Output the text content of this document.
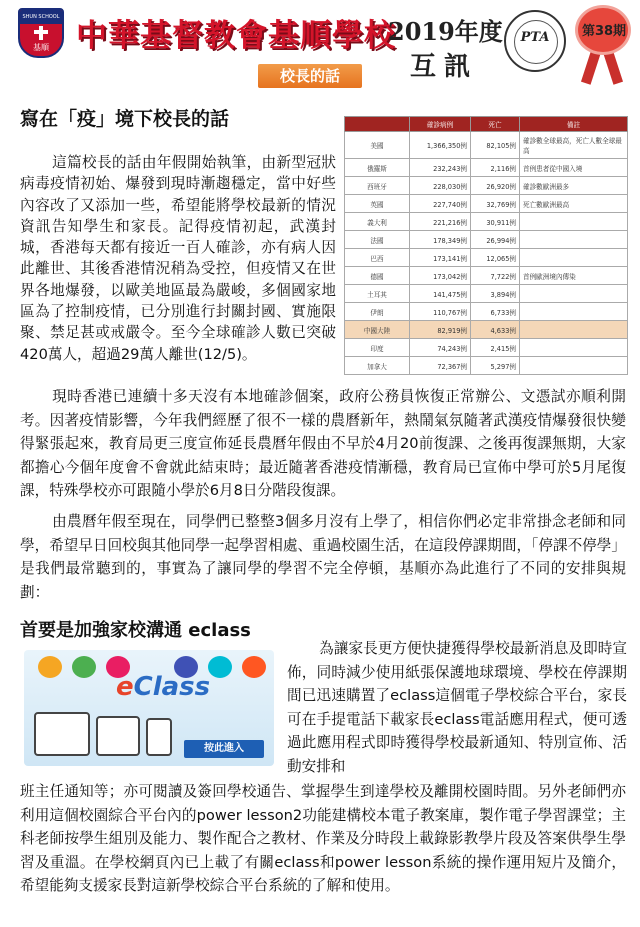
SHUN SCHOOL
基順 中華基督教會基順學校
2019年度
互訊
PTA	第38期
校長的話
寫在「疫」境下校長的話

這篇校長的話由年假開始執筆，由新型冠狀病毒疫情初始、爆發到現時漸趨穩定，當中好些內容改了又添加一些，希望能將學校最新的情況資訊告知學生和家長。記得疫情初起，武漢封城，香港每天都有接近一百人確診，亦有病人因此離世、其後香港情況稍為受控，但疫情又在世界各地爆發，以歐美地區最為嚴峻，多個國家地區為了控制疫情，已分別進行封關封國、實施限聚、禁足甚或戒嚴令。至今全球確診人數已突破420萬人，超過29萬人離世(12/5)。

	確診病例	死亡	備註
美國	1,366,350例	82,105例	確診數全球最高，死亡人數全球最高
俄羅斯	232,243例	2,116例	首例患者從中國入境
西班牙	228,030例	26,920例	確診數歐洲最多
英國	227,740例	32,769例	死亡數歐洲最高
義大利	221,216例	30,911例	
法國	178,349例	26,994例	
巴西	173,141例	12,065例	
德國	173,042例	7,722例	首例歐洲境內傳染
土耳其	141,475例	3,894例	
伊朗	110,767例	6,733例	
中國大陸	82,919例	4,633例	
印度	74,243例	2,415例	
加拿大	72,367例	5,297例	

現時香港已連續十多天沒有本地確診個案，政府公務員恢復正常辦公、文憑試亦順利開考。因著疫情影響，今年我們經歷了很不一樣的農曆新年，熱鬧氣氛隨著武漢疫情爆發很快變得緊張起來，教育局更三度宣佈延長農曆年假由不早於4月20前復課、之後再復課無期，大家都擔心今個年度會不會就此結束時；最近隨著香港疫情漸穩，教育局已宣佈中學可於5月尾復課，特殊學校亦可跟隨小學於6月8日分階段復課。

由農曆年假至現在，同學們已整整3個多月沒有上學了，相信你們必定非常掛念老師和同學，希望早日回校與其他同學一起學習相處、重過校園生活，在這段停課期間，「停課不停學」是我們最常聽到的，事實為了讓同學的學習不完全停頓，基順亦為此進行了不同的安排與規劃：

首要是加強家校溝通 eclass
eClass
按此進入

為讓家長更方便快捷獲得學校最新消息及即時宣佈，同時減少使用紙張保護地球環境、學校在停課期間已迅速購置了eclass這個電子學校綜合平台，家長可在手提電話下載家長eclass電話應用程式，便可透過此應用程式即時獲得學校最新通知、特別宣佈、活動安排和

班主任通知等；亦可閱讀及簽回學校通告、掌握學生到達學校及離開校園時間。另外老師們亦利用這個校園綜合平台內的power lesson2功能建構校本電子教案庫，製作電子學習課堂；主科老師按學生組別及能力、製作配合之教材、作業及分時段上載錄影教學片段及答案供學生學習及重溫。在學校網頁內已上載了有關eclass和power lesson系統的操作運用短片及簡介，希望能夠支援家長對這新學校綜合平台系統的了解和使用。
